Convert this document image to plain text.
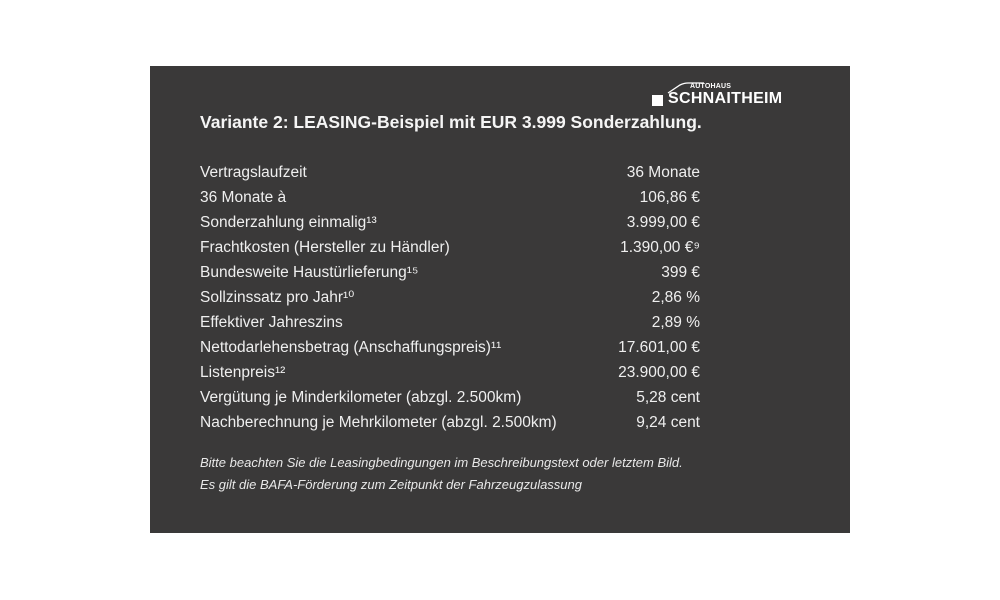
AUTOHAUS
SCHNAITHEIM
Variante 2: LEASING-Beispiel mit EUR 3.999 Sonderzahlung.
Vertragslaufzeit	36 Monate
36 Monate à	106,86 €
Sonderzahlung einmalig¹³	3.999,00 €
Frachtkosten (Hersteller zu Händler)	1.390,00 €⁹
Bundesweite Haustürlieferung¹⁵	399 €
Sollzinssatz pro Jahr¹⁰	2,86 %
Effektiver Jahreszins	2,89 %
Nettodarlehensbetrag (Anschaffungspreis)¹¹	17.601,00 €
Listenpreis¹²	23.900,00 €
Vergütung je Minderkilometer (abzgl. 2.500km)	5,28 cent
Nachberechnung je Mehrkilometer (abzgl. 2.500km)	9,24 cent
Bitte beachten Sie die Leasingbedingungen im Beschreibungstext oder letztem Bild.
Es gilt die BAFA-Förderung zum Zeitpunkt der Fahrzeugzulassung
